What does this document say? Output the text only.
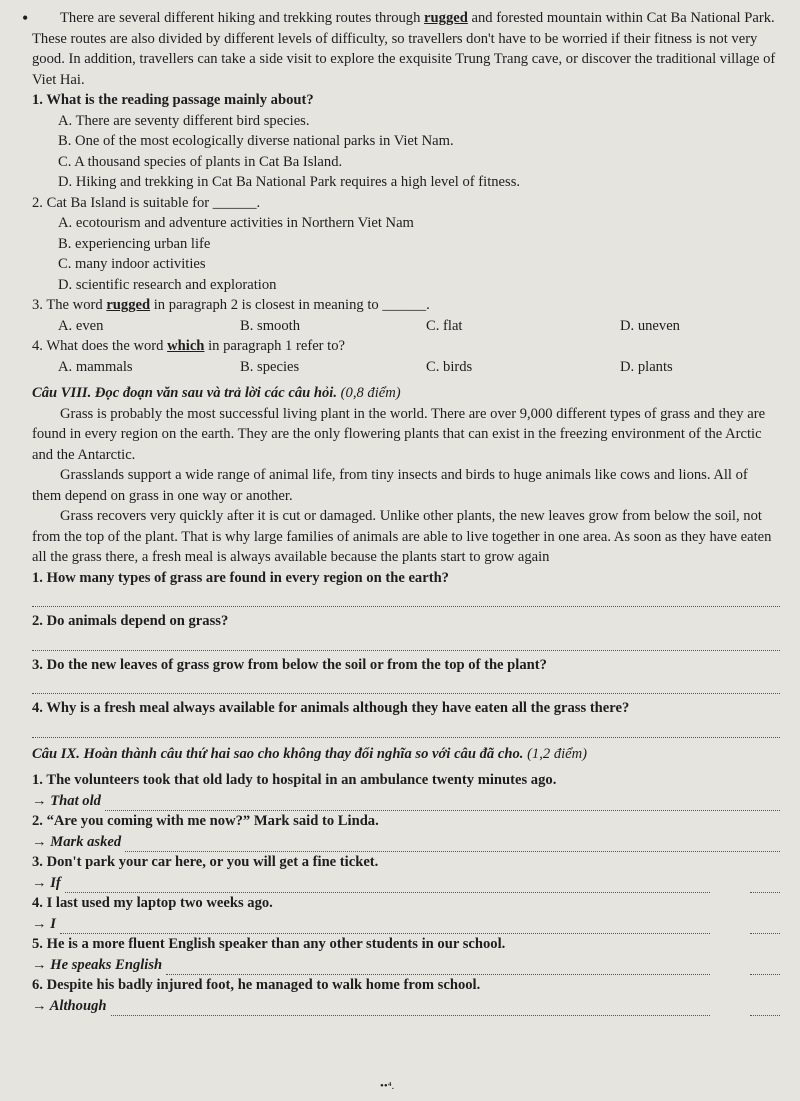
•	There are several different hiking and trekking routes through rugged and forested mountain within Cat Ba National Park. These routes are also divided by different levels of difficulty, so travellers don't have to be worried if their fitness is not very good. In addition, travellers can take a side visit to explore the exquisite Trung Trang cave, or discover the traditional village of Viet Hai.

1. What is the reading passage mainly about?

A. There are seventy different bird species.

B. One of the most ecologically diverse national parks in Viet Nam.

C. A thousand species of plants in Cat Ba Island.

D. Hiking and trekking in Cat Ba National Park requires a high level of fitness.

2. Cat Ba Island is suitable for ______.

A. ecotourism and adventure activities in Northern Viet Nam

B. experiencing urban life

C. many indoor activities

D. scientific research and exploration

3. The word rugged in paragraph 2 is closest in meaning to ______.

A. even	B. smooth	C. flat	D. uneven

4. What does the word which in paragraph 1 refer to?

A. mammals	B. species	C. birds	D. plants

Câu VIII. Đọc đoạn văn sau và trả lời các câu hỏi. (0,8 điểm)

Grass is probably the most successful living plant in the world. There are over 9,000 different types of grass and they are found in every region on the earth. They are the only flowering plants that can exist in the freezing environment of the Arctic and the Antarctic.

Grasslands support a wide range of animal life, from tiny insects and birds to huge animals like cows and lions. All of them depend on grass in one way or another.

Grass recovers very quickly after it is cut or damaged. Unlike other plants, the new leaves grow from below the soil, not from the top of the plant. That is why large families of animals are able to live together in one area. As soon as they have eaten all the grass there, a fresh meal is always available because the plants start to grow again

1. How many types of grass are found in every region on the earth?

2. Do animals depend on grass?

3. Do the new leaves of grass grow from below the soil or from the top of the plant?

4. Why is a fresh meal always available for animals although they have eaten all the grass there?

Câu IX. Hoàn thành câu thứ hai sao cho không thay đổi nghĩa so với câu đã cho. (1,2 điểm)

1. The volunteers took that old lady to hospital in an ambulance twenty minutes ago.

→ That old

2. “Are you coming with me now?” Mark said to Linda.

→ Mark asked

3. Don't park your car here, or you will get a fine ticket.

→ If

4. I last used my laptop two weeks ago.

→ I

5. He is a more fluent English speaker than any other students in our school.

→ He speaks English

6. Despite his badly injured foot, he managed to walk home from school.

→ Although
••⁴.
